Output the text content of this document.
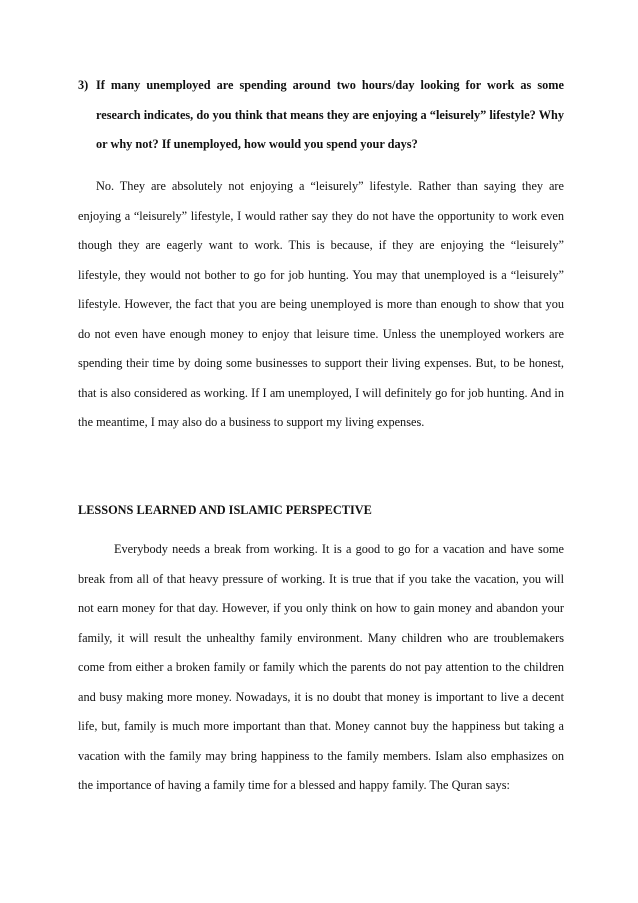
3) If many unemployed are spending around two hours/day looking for work as some research indicates, do you think that means they are enjoying a “leisurely” lifestyle? Why or why not? If unemployed, how would you spend your days?

No. They are absolutely not enjoying a “leisurely” lifestyle. Rather than saying they are enjoying a “leisurely” lifestyle, I would rather say they do not have the opportunity to work even though they are eagerly want to work. This is because, if they are enjoying the “leisurely” lifestyle, they would not bother to go for job hunting. You may that unemployed is a “leisurely” lifestyle. However, the fact that you are being unemployed is more than enough to show that you do not even have enough money to enjoy that leisure time. Unless the unemployed workers are spending their time by doing some businesses to support their living expenses. But, to be honest, that is also considered as working. If I am unemployed, I will definitely go for job hunting. And in the meantime, I may also do a business to support my living expenses.

LESSONS LEARNED AND ISLAMIC PERSPECTIVE

Everybody needs a break from working. It is a good to go for a vacation and have some break from all of that heavy pressure of working. It is true that if you take the vacation, you will not earn money for that day. However, if you only think on how to gain money and abandon your family, it will result the unhealthy family environment. Many children who are troublemakers come from either a broken family or family which the parents do not pay attention to the children and busy making more money. Nowadays, it is no doubt that money is important to live a decent life, but, family is much more important than that. Money cannot buy the happiness but taking a vacation with the family may bring happiness to the family members. Islam also emphasizes on the importance of having a family time for a blessed and happy family. The Quran says:
